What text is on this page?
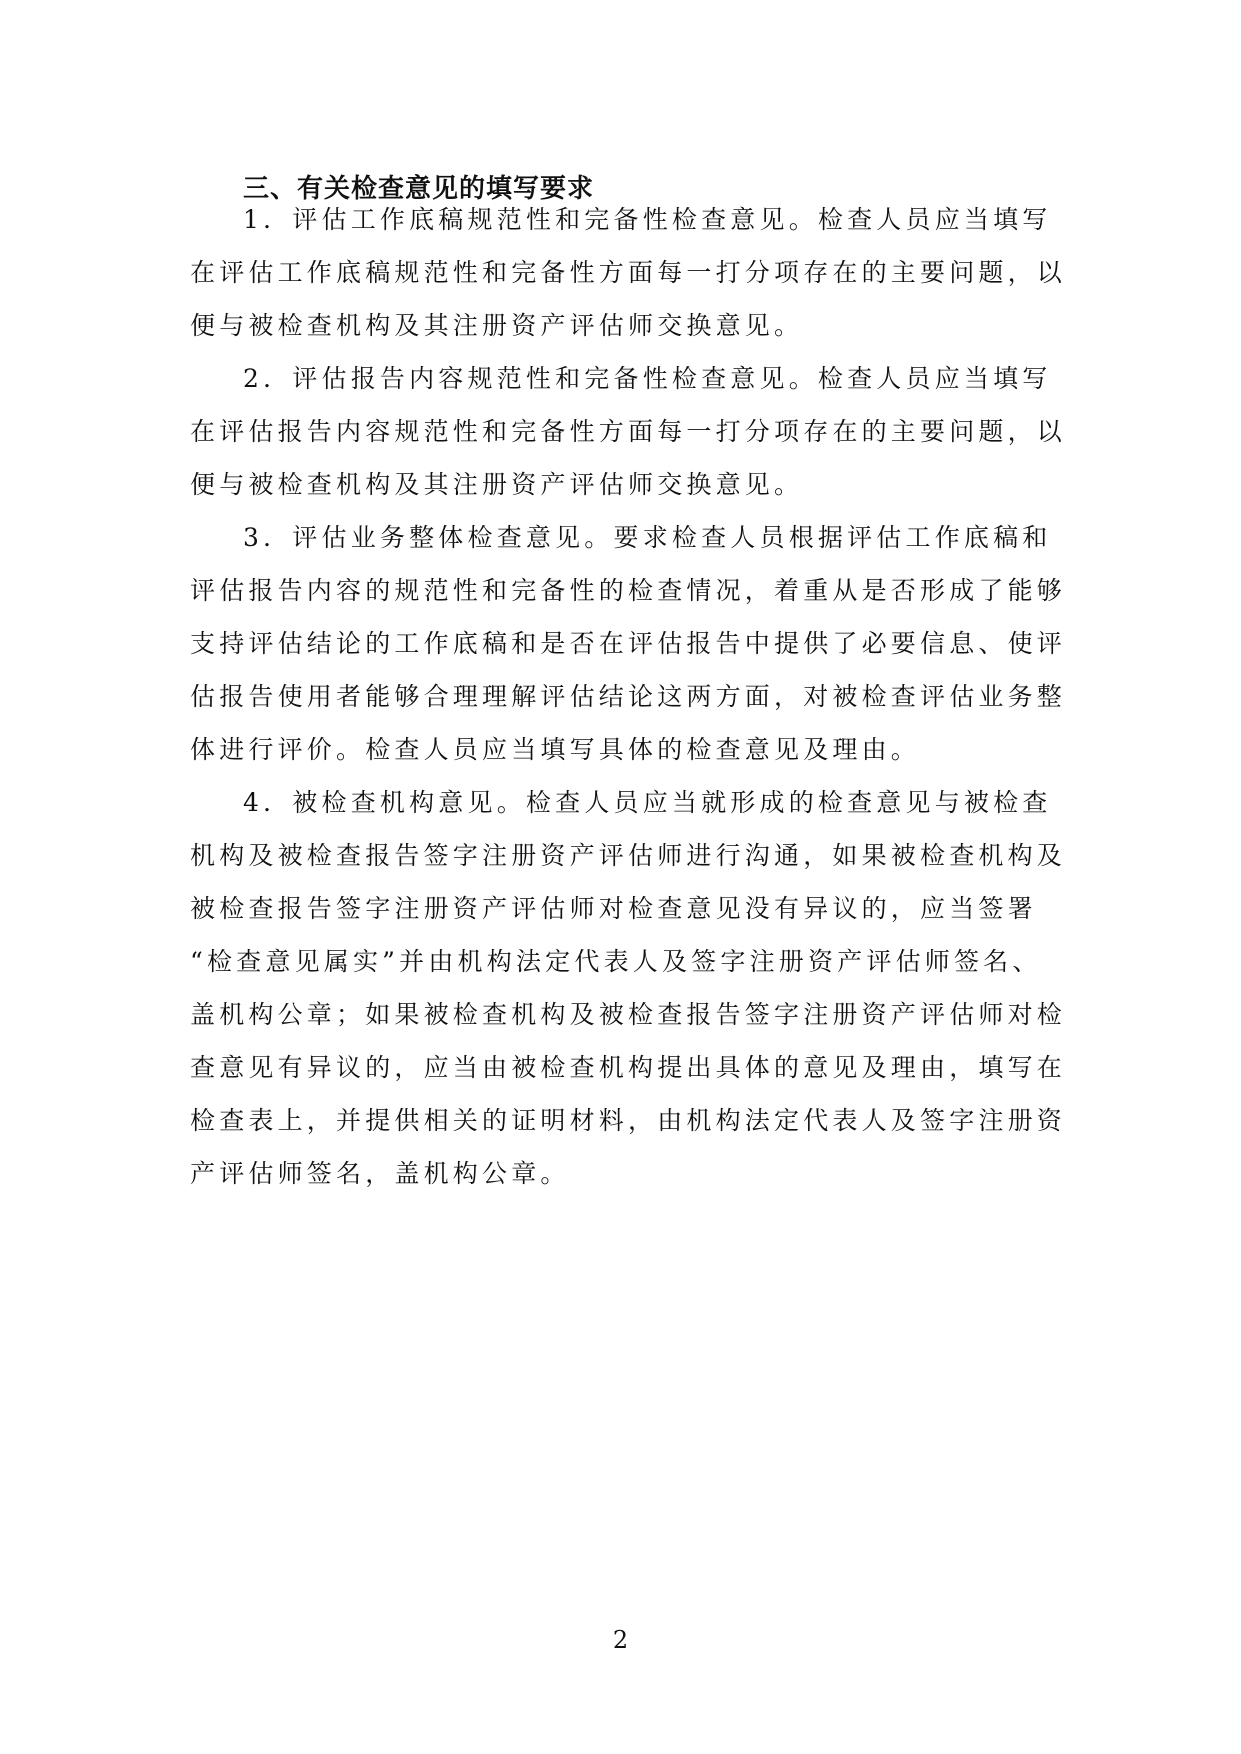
三、有关检查意见的填写要求

1．评估工作底稿规范性和完备性检查意见。检查人员应当填写

在评估工作底稿规范性和完备性方面每一打分项存在的主要问题，以

便与被检查机构及其注册资产评估师交换意见。

2．评估报告内容规范性和完备性检查意见。检查人员应当填写

在评估报告内容规范性和完备性方面每一打分项存在的主要问题，以

便与被检查机构及其注册资产评估师交换意见。

3．评估业务整体检查意见。要求检查人员根据评估工作底稿和

评估报告内容的规范性和完备性的检查情况，着重从是否形成了能够

支持评估结论的工作底稿和是否在评估报告中提供了必要信息、使评

估报告使用者能够合理理解评估结论这两方面，对被检查评估业务整

体进行评价。检查人员应当填写具体的检查意见及理由。

4．被检查机构意见。检查人员应当就形成的检查意见与被检查

机构及被检查报告签字注册资产评估师进行沟通，如果被检查机构及

被检查报告签字注册资产评估师对检查意见没有异议的，应当签署

“检查意见属实”并由机构法定代表人及签字注册资产评估师签名、

盖机构公章；如果被检查机构及被检查报告签字注册资产评估师对检

查意见有异议的，应当由被检查机构提出具体的意见及理由，填写在

检查表上，并提供相关的证明材料，由机构法定代表人及签字注册资

产评估师签名，盖机构公章。

2
